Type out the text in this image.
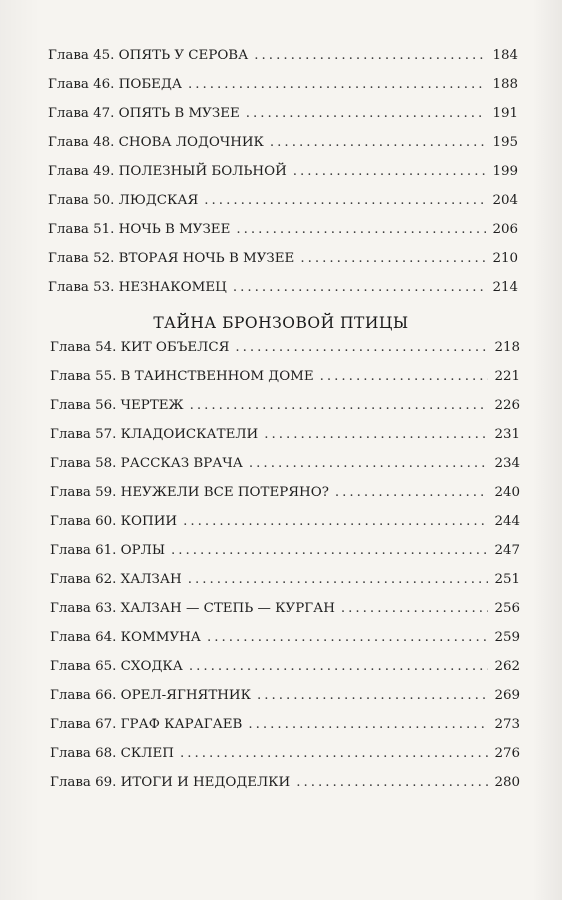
Глава 45. ОПЯТЬ У СЕРОВА .....	184
Глава 46. ПОБЕДА .....	188
Глава 47. ОПЯТЬ В МУЗЕЕ .....	191
Глава 48. СНОВА ЛОДОЧНИК .....	195
Глава 49. ПОЛЕЗНЫЙ БОЛЬНОЙ .....	199
Глава 50. ЛЮДСКАЯ .....	204
Глава 51. НОЧЬ В МУЗЕЕ .....	206
Глава 52. ВТОРАЯ НОЧЬ В МУЗЕЕ .....	210
Глава 53. НЕЗНАКОМЕЦ .....	214
ТАЙНА БРОНЗОВОЙ ПТИЦЫ
Глава 54. КИТ ОБЪЕЛСЯ .....	218
Глава 55. В ТАИНСТВЕННОМ ДОМЕ .....	221
Глава 56. ЧЕРТЕЖ .....	226
Глава 57. КЛАДОИСКАТЕЛИ .....	231
Глава 58. РАССКАЗ ВРАЧА .....	234
Глава 59. НЕУЖЕЛИ ВСЕ ПОТЕРЯНО? .....	240
Глава 60. КОПИИ .....	244
Глава 61. ОРЛЫ .....	247
Глава 62. ХАЛЗАН .....	251
Глава 63. ХАЛЗАН — СТЕПЬ — КУРГАН .....	256
Глава 64. КОММУНА .....	259
Глава 65. СХОДКА .....	262
Глава 66. ОРЕЛ-ЯГНЯТНИК .....	269
Глава 67. ГРАФ КАРАГАЕВ .....	273
Глава 68. СКЛЕП .....	276
Глава 69. ИТОГИ И НЕДОДЕЛКИ .....	280
